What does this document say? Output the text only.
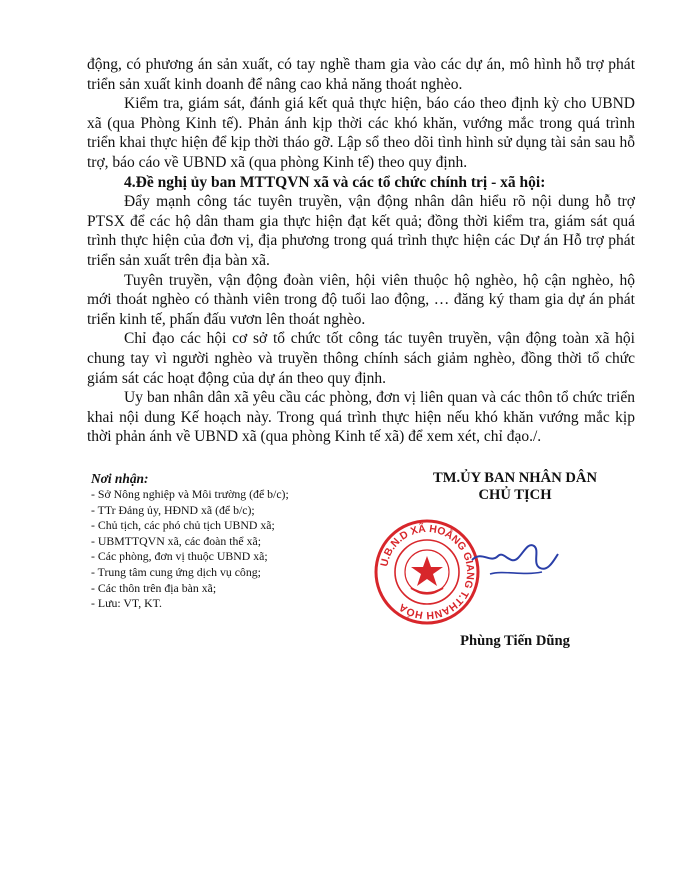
động, có phương án sản xuất, có tay nghề tham gia vào các dự án, mô hình hỗ trợ phát triển sản xuất kinh doanh để nâng cao khả năng thoát nghèo.

Kiểm tra, giám sát, đánh giá kết quả thực hiện, báo cáo theo định kỳ cho UBND xã (qua Phòng Kinh tế). Phản ánh kịp thời các khó khăn, vướng mắc trong quá trình triển khai thực hiện để kịp thời tháo gỡ. Lập sổ theo dõi tình hình sử dụng tài sản sau hỗ trợ, báo cáo về UBND xã (qua phòng Kinh tế) theo quy định.

4.Đề nghị ủy ban MTTQVN xã và các tổ chức chính trị - xã hội:

Đẩy mạnh công tác tuyên truyền, vận động nhân dân hiểu rõ nội dung hỗ trợ PTSX để các hộ dân tham gia thực hiện đạt kết quả; đồng thời kiểm tra, giám sát quá trình thực hiện của đơn vị, địa phương trong quá trình thực hiện các Dự án Hỗ trợ phát triển sản xuất trên địa bàn xã.

Tuyên truyền, vận động đoàn viên, hội viên thuộc hộ nghèo, hộ cận nghèo, hộ mới thoát nghèo có thành viên trong độ tuổi lao động, … đăng ký tham gia dự án phát triển kinh tế, phấn đấu vươn lên thoát nghèo.

Chỉ đạo các hội cơ sở tổ chức tốt công tác tuyên truyền, vận động toàn xã hội chung tay vì người nghèo và truyền thông chính sách giảm nghèo, đồng thời tổ chức giám sát các hoạt động của dự án theo quy định.

Uy ban nhân dân xã yêu cầu các phòng, đơn vị liên quan và các thôn tổ chức triển khai nội dung Kế hoạch này. Trong quá trình thực hiện nếu khó khăn vướng mắc kịp thời phản ánh về UBND xã (qua phòng Kinh tế xã) để xem xét, chỉ đạo./.

Nơi nhận:
- Sở Nông nghiệp và Môi trường (để b/c);
- TTr Đảng ủy, HĐND xã (để b/c);
- Chủ tịch, các phó chủ tịch UBND xã;
- UBMTTQVN xã, các đoàn thể xã;
- Các phòng, đơn vị thuộc UBND xã;
- Trung tâm cung ứng dịch vụ công;
- Các thôn trên địa bàn xã;
- Lưu: VT, KT.
TM.ỦY BAN NHÂN DÂN
CHỦ TỊCH
U.B.N.D XÃ HOẰNG GIANG T.THANH HÓA
Phùng Tiến Dũng
